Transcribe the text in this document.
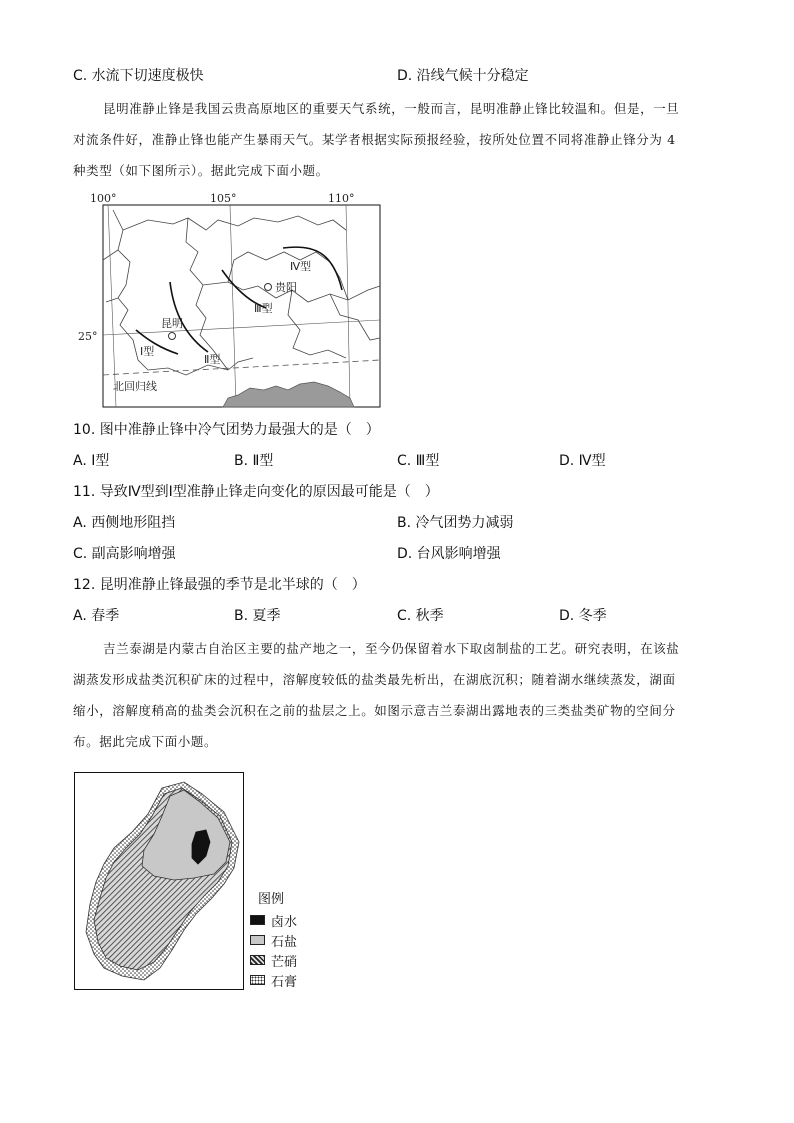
C. 水流下切速度极快	D. 沿线气候十分稳定
昆明准静止锋是我国云贵高原地区的重要天气系统，一般而言，昆明准静止锋比较温和。但是，一旦
对流条件好，准静止锋也能产生暴雨天气。某学者根据实际预报经验，按所处位置不同将准静止锋分为 4
种类型（如下图所示）。据此完成下面小题。
100°	105°	110°
25°
昆明
贵阳
Ⅰ型
Ⅱ型
Ⅲ型
Ⅳ型
北回归线
10. 图中准静止锋中冷气团势力最强大的是（　）
A. Ⅰ型	B. Ⅱ型	C. Ⅲ型	D. Ⅳ型
11. 导致Ⅳ型到Ⅰ型准静止锋走向变化的原因最可能是（　）
A. 西侧地形阻挡	B. 冷气团势力减弱
C. 副高影响增强	D. 台风影响增强
12. 昆明准静止锋最强的季节是北半球的（　）
A. 春季	B. 夏季	C. 秋季	D. 冬季
吉兰泰湖是内蒙古自治区主要的盐产地之一，至今仍保留着水下取卤制盐的工艺。研究表明，在该盐
湖蒸发形成盐类沉积矿床的过程中，溶解度较低的盐类最先析出，在湖底沉积；随着湖水继续蒸发，湖面
缩小，溶解度稍高的盐类会沉积在之前的盐层之上。如图示意吉兰泰湖出露地表的三类盐类矿物的空间分
布。据此完成下面小题。
图例
卤水
石盐
芒硝
石膏
